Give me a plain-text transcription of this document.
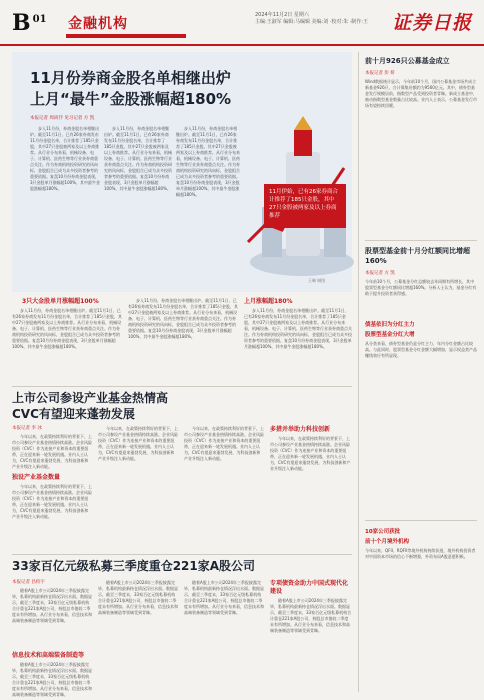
B $^{01}$ 金融机构
2024年11月2日 星期六
主编:王淑军 编辑:马编辑 美编:刘 ·校对:朱 ·制作:王	证券日报
11月份券商金股名单相继出炉
上月“最牛”金股涨幅超180%
11月伊始，已有26家券商合计推荐了185只金股，其中27只金股被两家及以上券商推荐
王琳 制图
本报记者 周尚伃 见习记者 方 凯

步入11月份，券商金股名单相继出炉。截至11月1日，已有26家券商发布11月份金股名单，合计推荐了185只金股，其中27只金股被两家及以上券商推荐。从行业分布来看，机械设备、电子、计算机、医药生物等行业获券商重点关注。作为券商机构投资研究的风向标，金股组合已成为众多投资者参考的重要依据。复盘10月份券商金股表现，3只金股单月涨幅超100%，其中最牛金股涨幅超180%。

步入11月份，券商金股名单相继出炉。截至11月1日，已有26家券商发布11月份金股名单，合计推荐了185只金股，其中27只金股被两家及以上券商推荐。从行业分布来看，机械设备、电子、计算机、医药生物等行业获券商重点关注。作为券商机构投资研究的风向标，金股组合已成为众多投资者参考的重要依据。复盘10月份券商金股表现，3只金股单月涨幅超100%，其中最牛金股涨幅超180%。

步入11月份，券商金股名单相继出炉。截至11月1日，已有26家券商发布11月份金股名单，合计推荐了185只金股，其中27只金股被两家及以上券商推荐。从行业分布来看，机械设备、电子、计算机、医药生物等行业获券商重点关注。作为券商机构投资研究的风向标，金股组合已成为众多投资者参考的重要依据。复盘10月份券商金股表现，3只金股单月涨幅超100%，其中最牛金股涨幅超180%。

3只大金股单月涨幅超100%

步入11月份，券商金股名单相继出炉。截至11月1日，已有26家券商发布11月份金股名单，合计推荐了185只金股，其中27只金股被两家及以上券商推荐。从行业分布来看，机械设备、电子、计算机、医药生物等行业获券商重点关注。作为券商机构投资研究的风向标，金股组合已成为众多投资者参考的重要依据。复盘10月份券商金股表现，3只金股单月涨幅超100%，其中最牛金股涨幅超180%。

步入11月份，券商金股名单相继出炉。截至11月1日，已有26家券商发布11月份金股名单，合计推荐了185只金股，其中27只金股被两家及以上券商推荐。从行业分布来看，机械设备、电子、计算机、医药生物等行业获券商重点关注。作为券商机构投资研究的风向标，金股组合已成为众多投资者参考的重要依据。复盘10月份券商金股表现，3只金股单月涨幅超100%，其中最牛金股涨幅超180%。

上月涨幅超180%

步入11月份，券商金股名单相继出炉。截至11月1日，已有26家券商发布11月份金股名单，合计推荐了185只金股，其中27只金股被两家及以上券商推荐。从行业分布来看，机械设备、电子、计算机、医药生物等行业获券商重点关注。作为券商机构投资研究的风向标，金股组合已成为众多投资者参考的重要依据。复盘10月份券商金股表现，3只金股单月涨幅超100%，其中最牛金股涨幅超180%。

上市公司参设产业基金热情高
CVC有望迎来蓬勃发展
本报记者 李 冰

今年以来，在政策持续利好的背景下，上市公司参设产业基金热情持续高涨。企业风险投资（CVC）作为连接产业和资本的重要纽带，正在迎来新一轮发展机遇。业内人士认为，CVC有望迎来蓬勃发展，为科技创新和产业升级注入新动能。

独设产业基金数量

今年以来，在政策持续利好的背景下，上市公司参设产业基金热情持续高涨。企业风险投资（CVC）作为连接产业和资本的重要纽带，正在迎来新一轮发展机遇。业内人士认为，CVC有望迎来蓬勃发展，为科技创新和产业升级注入新动能。

今年以来，在政策持续利好的背景下，上市公司参设产业基金热情持续高涨。企业风险投资（CVC）作为连接产业和资本的重要纽带，正在迎来新一轮发展机遇。业内人士认为，CVC有望迎来蓬勃发展，为科技创新和产业升级注入新动能。

今年以来，在政策持续利好的背景下，上市公司参设产业基金热情持续高涨。企业风险投资（CVC）作为连接产业和资本的重要纽带，正在迎来新一轮发展机遇。业内人士认为，CVC有望迎来蓬勃发展，为科技创新和产业升级注入新动能。

多措并举助力科技创新

今年以来，在政策持续利好的背景下，上市公司参设产业基金热情持续高涨。企业风险投资（CVC）作为连接产业和资本的重要纽带，正在迎来新一轮发展机遇。业内人士认为，CVC有望迎来蓬勃发展，为科技创新和产业升级注入新动能。

33家百亿元级私募三季度重仓221家A股公司
本报记者 昌校宇

随着A股上市公司2024年三季报披露完毕，私募机构最新持仓情况浮出水面。数据显示，截至三季度末，33家百亿元级私募机构合计重仓221家A股公司，持股总市值较二季度末有所增加。从行业分布来看，信息技术和高端装备制造等领域受到青睐。

信息技术和高端装备制造等

随着A股上市公司2024年三季报披露完毕，私募机构最新持仓情况浮出水面。数据显示，截至三季度末，33家百亿元级私募机构合计重仓221家A股公司，持股总市值较二季度末有所增加。从行业分布来看，信息技术和高端装备制造等领域受到青睐。

随着A股上市公司2024年三季报披露完毕，私募机构最新持仓情况浮出水面。数据显示，截至三季度末，33家百亿元级私募机构合计重仓221家A股公司，持股总市值较二季度末有所增加。从行业分布来看，信息技术和高端装备制造等领域受到青睐。

随着A股上市公司2024年三季报披露完毕，私募机构最新持仓情况浮出水面。数据显示，截至三季度末，33家百亿元级私募机构合计重仓221家A股公司，持股总市值较二季度末有所增加。从行业分布来看，信息技术和高端装备制造等领域受到青睐。

专项债资金助力中国式现代化建设

随着A股上市公司2024年三季报披露完毕，私募机构最新持仓情况浮出水面。数据显示，截至三季度末，33家百亿元级私募机构合计重仓221家A股公司，持股总市值较二季度末有所增加。从行业分布来看，信息技术和高端装备制造等领域受到青睐。

前十月926只公募基金成立
本报记者 彭 妍

Wind数据统计显示，今年前10个月，国内公募基金市场共成立新基金926只，合计募集份额约为9560亿元。其中，债券型基金发行规模居前，指数型产品受到投资者青睐。新成立基金中，被动指数型基金数量占比较高。业内人士表示，公募基金发行市场有望持续回暖。

股票型基金前十月分红额同比增超160%
本报记者 方 凯

今年前10个月，公募基金分红总额较去年同期有所增长，其中股票型基金分红额同比增超160%。分析人士认为，基金分红有助于提升投资者获得感。

债基依旧为分红主力
股票型基金分红大增

从分类来看，债券型基金仍是分红主力，年内分红金额占比较高。与此同时，股票型基金分红金额大幅增加，显示权益类产品赚钱效应有所显现。

10家公司获批
前十个月境外机构

今年以来，QFII、RQFII等境外机构持续获批，境外机构投资者对中国资本市场的信心不断增强，外资布局A股意愿积极。
